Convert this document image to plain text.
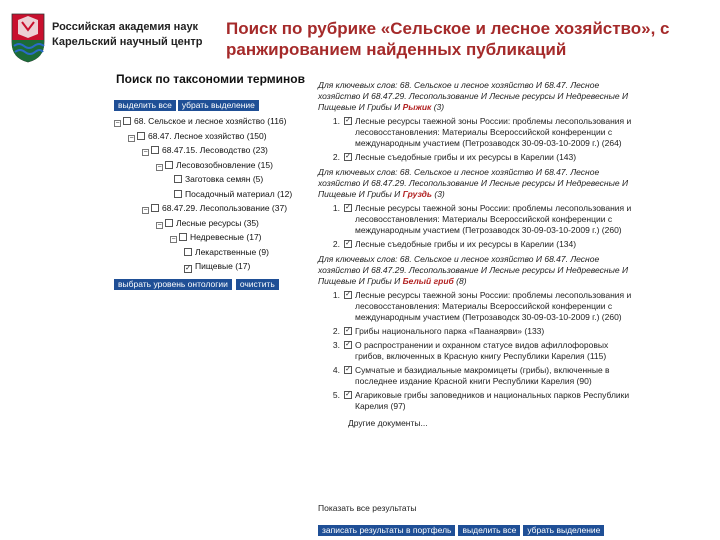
Российская академия наук
Карельский научный центр
Поиск по рубрике «Сельское и лесное хозяйство», с ранжированием найденных публикаций
Поиск по таксономии терминов
выделить все убрать выделение
− 68. Сельское и лесное хозяйство (116)
− 68.47. Лесное хозяйство (150)
− 68.47.15. Лесоводство (23)
− Лесовозобновление (15)
Заготовка семян (5)
Посадочный материал (12)
− 68.47.29. Лесопользование (37)
− Лесные ресурсы (35)
− Недревесные (17)
Лекарственные (9)
✓ Пищевые (17)
выбрать уровень онтологии очистить
Для ключевых слов: 68. Сельское и лесное хозяйство И 68.47. Лесное хозяйство И 68.47.29. Лесопользование И Лесные ресурсы И Недревесные И Пищевые И Грибы И Рыжик (3)
1. ✓ Лесные ресурсы таежной зоны России: проблемы лесопользования и лесовосстановления: Материалы Всероссийской конференции с международным участием (Петрозаводск 30-09-03-10-2009 г.) (264)
2. ✓ Лесные съедобные грибы и их ресурсы в Карелии (143)
Для ключевых слов: 68. Сельское и лесное хозяйство И 68.47. Лесное хозяйство И 68.47.29. Лесопользование И Лесные ресурсы И Недревесные И Пищевые И Грибы И Груздь (3)
1. ✓ Лесные ресурсы таежной зоны России: проблемы лесопользования и лесовосстановления: Материалы Всероссийской конференции с международным участием (Петрозаводск 30-09-03-10-2009 г.) (260)
2. ✓ Лесные съедобные грибы и их ресурсы в Карелии (134)
Для ключевых слов: 68. Сельское и лесное хозяйство И 68.47. Лесное хозяйство И 68.47.29. Лесопользование И Лесные ресурсы И Недревесные И Пищевые И Грибы И Белый гриб (8)
1. ✓ Лесные ресурсы таежной зоны России: проблемы лесопользования и лесовосстановления: Материалы Всероссийской конференции с международным участием (Петрозаводск 30-09-03-10-2009 г.) (260)
2. ✓ Грибы национального парка «Паанаярви» (133)
3. ✓ О распространении и охранном статусе видов афиллофоровых грибов, включенных в Красную книгу Республики Карелия (115)
4. ✓ Сумчатые и базидиальные макромицеты (грибы), включенные в последнее издание Красной книги Республики Карелия (90)
5. ✓ Агариковые грибы заповедников и национальных парков Республики Карелия (97)
Другие документы...
Показать все результаты
записать результаты в портфель выделить все убрать выделение
